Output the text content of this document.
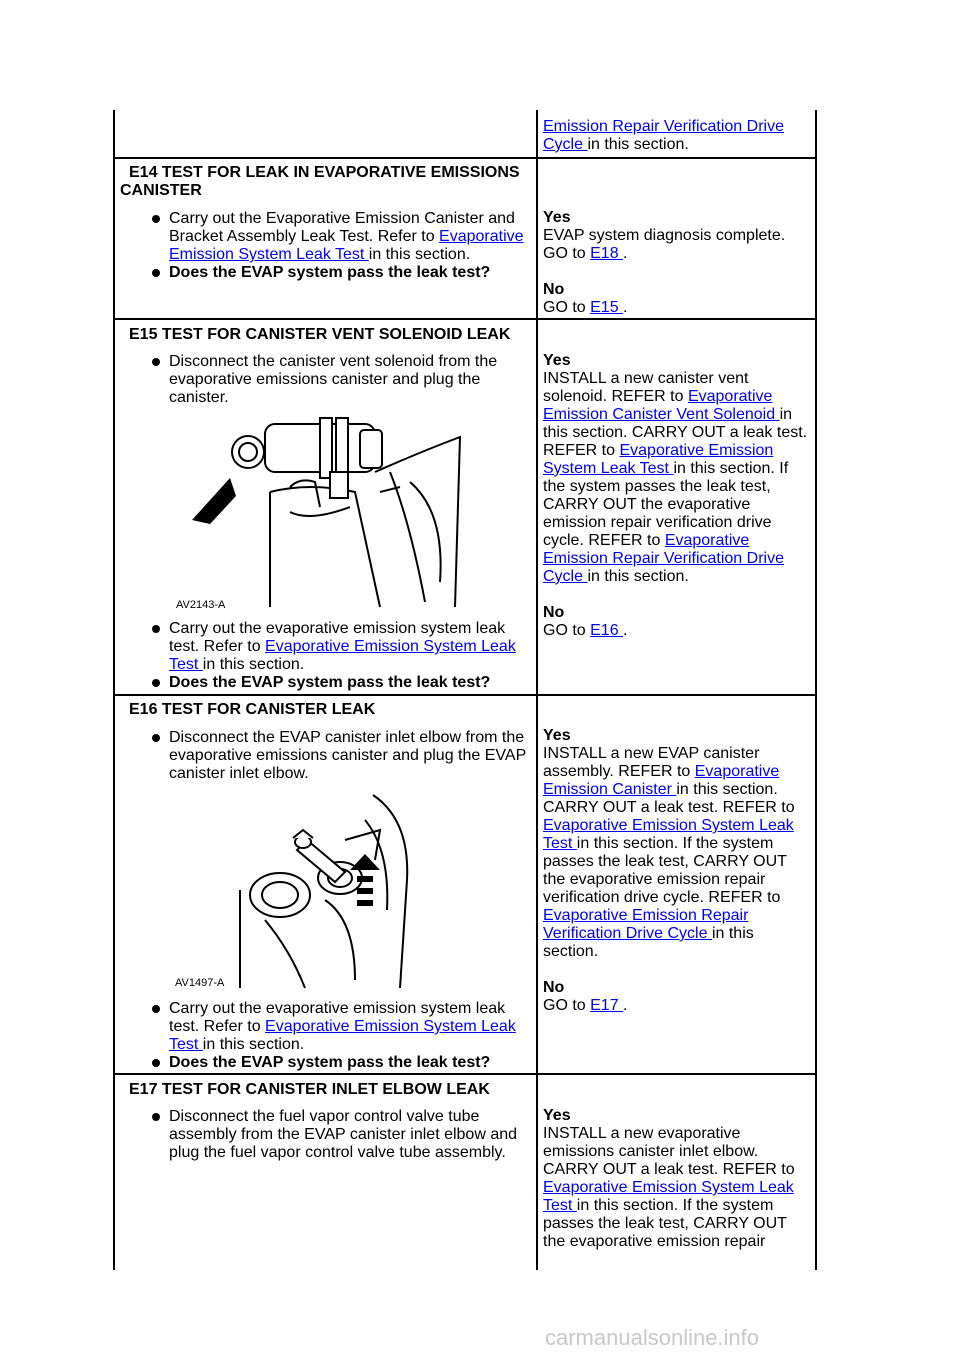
Emission Repair Verification Drive Cycle in this section.
E14 TEST FOR LEAK IN EVAPORATIVE EMISSIONS CANISTER
Carry out the Evaporative Emission Canister and Bracket Assembly Leak Test. Refer to Evaporative Emission System Leak Test in this section.
Does the EVAP system pass the leak test?
Yes
EVAP system diagnosis complete.
GO to E18 .
No
GO to E15 .
E15 TEST FOR CANISTER VENT SOLENOID LEAK
Disconnect the canister vent solenoid from the evaporative emissions canister and plug the canister.
AV2143-A
Carry out the evaporative emission system leak test. Refer to Evaporative Emission System Leak Test in this section.
Does the EVAP system pass the leak test?
Yes
INSTALL a new canister vent solenoid. REFER to Evaporative Emission Canister Vent Solenoid in this section. CARRY OUT a leak test. REFER to Evaporative Emission System Leak Test in this section. If the system passes the leak test, CARRY OUT the evaporative emission repair verification drive cycle. REFER to Evaporative Emission Repair Verification Drive Cycle in this section.
No
GO to E16 .
E16 TEST FOR CANISTER LEAK
Disconnect the EVAP canister inlet elbow from the evaporative emissions canister and plug the EVAP canister inlet elbow.
AV1497-A
Carry out the evaporative emission system leak test. Refer to Evaporative Emission System Leak Test in this section.
Does the EVAP system pass the leak test?
Yes
INSTALL a new EVAP canister assembly. REFER to Evaporative Emission Canister in this section. CARRY OUT a leak test. REFER to Evaporative Emission System Leak Test in this section. If the system passes the leak test, CARRY OUT the evaporative emission repair verification drive cycle. REFER to Evaporative Emission Repair Verification Drive Cycle in this section.
No
GO to E17 .
E17 TEST FOR CANISTER INLET ELBOW LEAK
Disconnect the fuel vapor control valve tube assembly from the EVAP canister inlet elbow and plug the fuel vapor control valve tube assembly.
Yes
INSTALL a new evaporative emissions canister inlet elbow. CARRY OUT a leak test. REFER to Evaporative Emission System Leak Test in this section. If the system passes the leak test, CARRY OUT the evaporative emission repair
carmanualsonline.info
